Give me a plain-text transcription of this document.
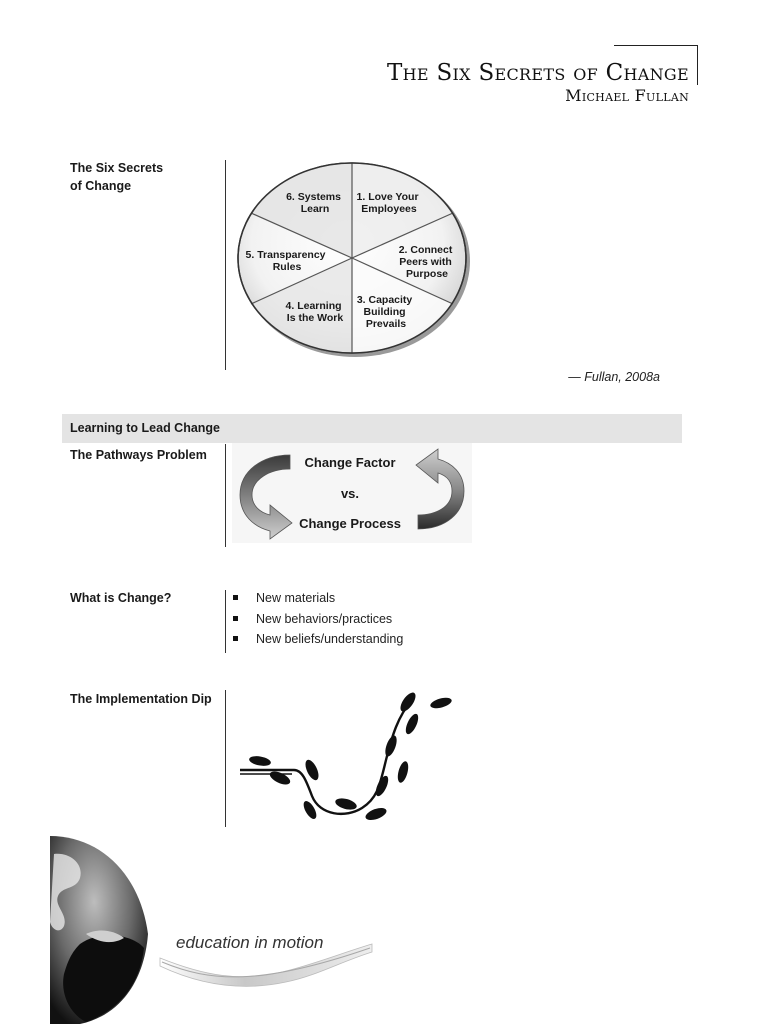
The Six Secrets of Change
Michael Fullan
The Six Secrets
of Change
1. Love Your Employees
2. Connect Peers with Purpose
3. Capacity Building Prevails
4. Learning Is the Work
5. Transparency Rules
6. Systems Learn
— Fullan, 2008a
Learning to Lead Change
The Pathways Problem	Change Factor
vs.
Change Process
What is Change?	New materials
New behaviors/practices
New beliefs/understanding
The Implementation Dip
education in motion
